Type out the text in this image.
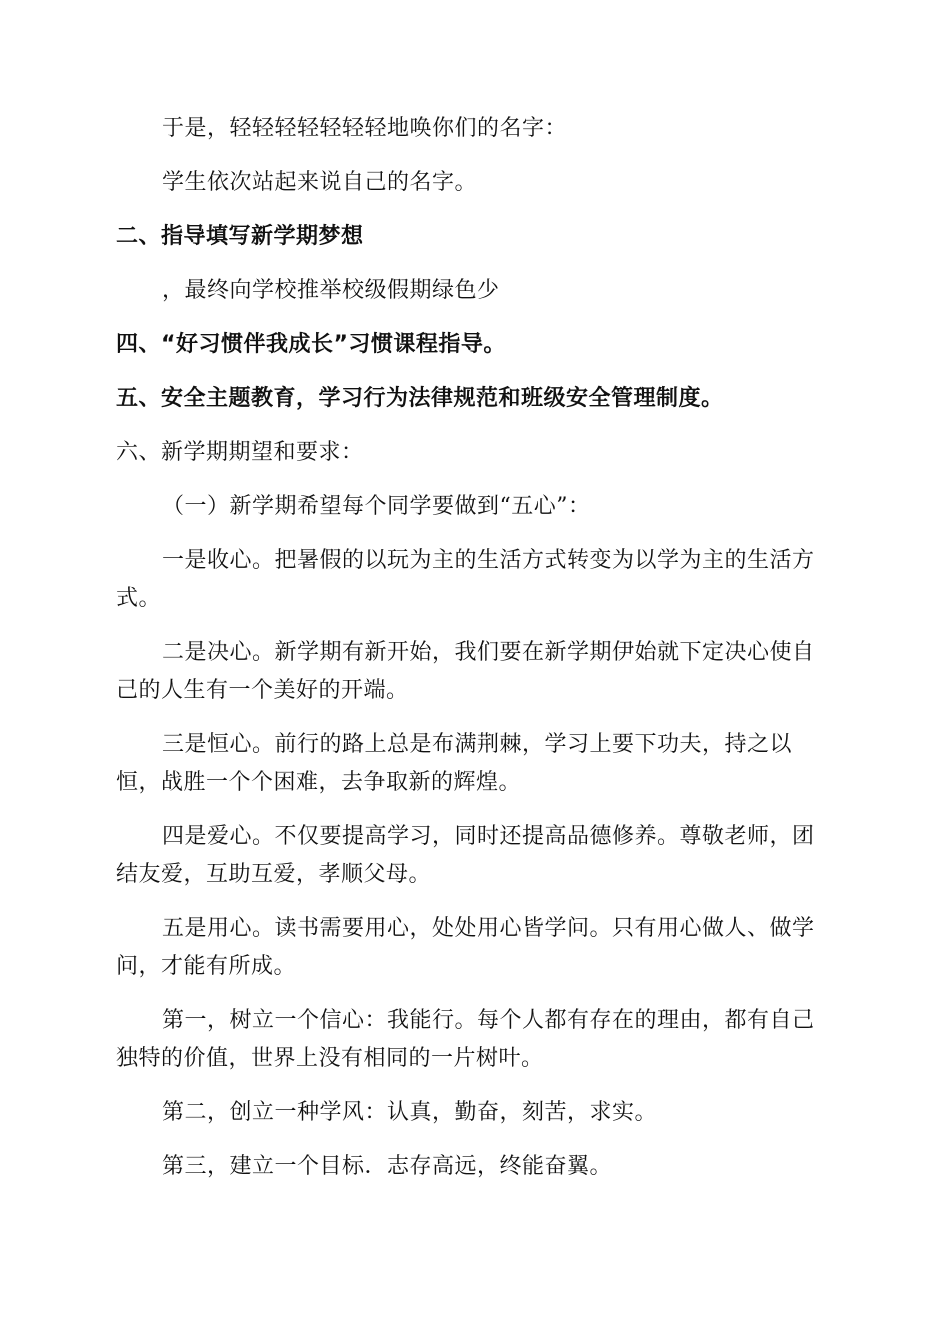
于是，轻轻轻轻轻轻轻地唤你们的名字：

学生依次站起来说自己的名字。

二、指导填写新学期梦想

，最终向学校推举校级假期绿色少

四、“好习惯伴我成长”习惯课程指导。

五、安全主题教育，学习行为法律规范和班级安全管理制度。

六、新学期期望和要求：

（一）新学期希望每个同学要做到“五心”：

一是收心。把暑假的以玩为主的生活方式转变为以学为主的生活方式。

二是决心。新学期有新开始，我们要在新学期伊始就下定决心使自己的人生有一个美好的开端。

三是恒心。前行的路上总是布满荆棘，学习上要下功夫，持之以恒，战胜一个个困难，去争取新的辉煌。

四是爱心。不仅要提高学习，同时还提高品德修养。尊敬老师，团结友爱，互助互爱，孝顺父母。

五是用心。读书需要用心，处处用心皆学问。只有用心做人、做学问，才能有所成。

第一，树立一个信心：我能行。每个人都有存在的理由，都有自己独特的价值，世界上没有相同的一片树叶。

第二，创立一种学风：认真，勤奋，刻苦，求实。

第三，建立一个目标．志存高远，终能奋翼。
